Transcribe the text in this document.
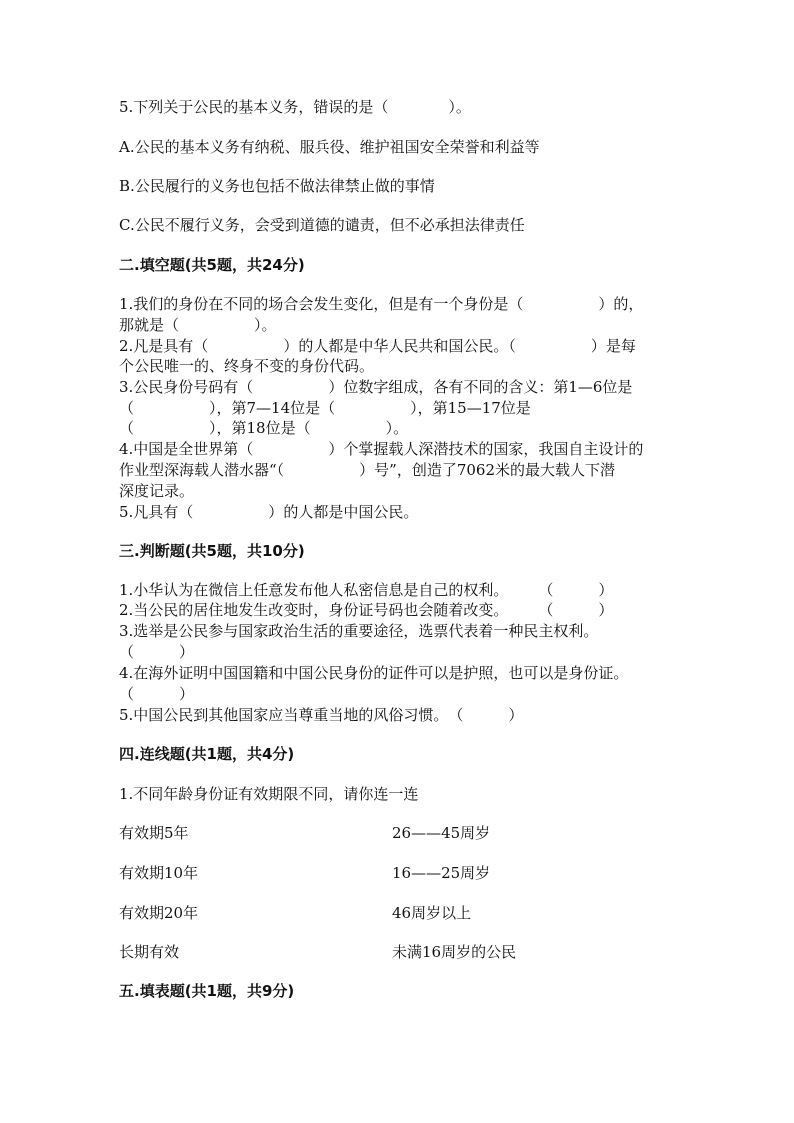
5.下列关于公民的基本义务，错误的是（　　　　）。
A.公民的基本义务有纳税、服兵役、维护祖国安全荣誉和利益等
B.公民履行的义务也包括不做法律禁止做的事情
C.公民不履行义务，会受到道德的谴责，但不必承担法律责任
二.填空题(共5题，共24分)
1.我们的身份在不同的场合会发生变化，但是有一个身份是（　　　　　）的，
那就是（　　　　　）。
2.凡是具有（　　　　　）的人都是中华人民共和国公民。（　　　　　）是每
个公民唯一的、终身不变的身份代码。
3.公民身份号码有（　　　　　）位数字组成，各有不同的含义：第1—6位是
（　　　　　），第7—14位是（　　　　　），第15—17位是
（　　　　　），第18位是（　　　　　）。
4.中国是全世界第（　　　　　）个掌握载人深潜技术的国家，我国自主设计的
作业型深海载人潜水器“（　　　　　）号”，创造了7062米的最大载人下潜
深度记录。
5.凡具有（　　　　　）的人都是中国公民。
三.判断题(共5题，共10分)
1.小华认为在微信上任意发布他人私密信息是自己的权利。　　　（　　　）
2.当公民的居住地发生改变时，身份证号码也会随着改变。　　　（　　　）
3.选举是公民参与国家政治生活的重要途径，选票代表着一种民主权利。
（　　　）
4.在海外证明中国国籍和中国公民身份的证件可以是护照，也可以是身份证。
（　　　）
5.中国公民到其他国家应当尊重当地的风俗习惯。　（　　　）
四.连线题(共1题，共4分)
1.不同年龄身份证有效期限不同，请你连一连
有效期5年	26——45周岁
有效期10年	16——25周岁
有效期20年	46周岁以上
长期有效	未满16周岁的公民
五.填表题(共1题，共9分)
